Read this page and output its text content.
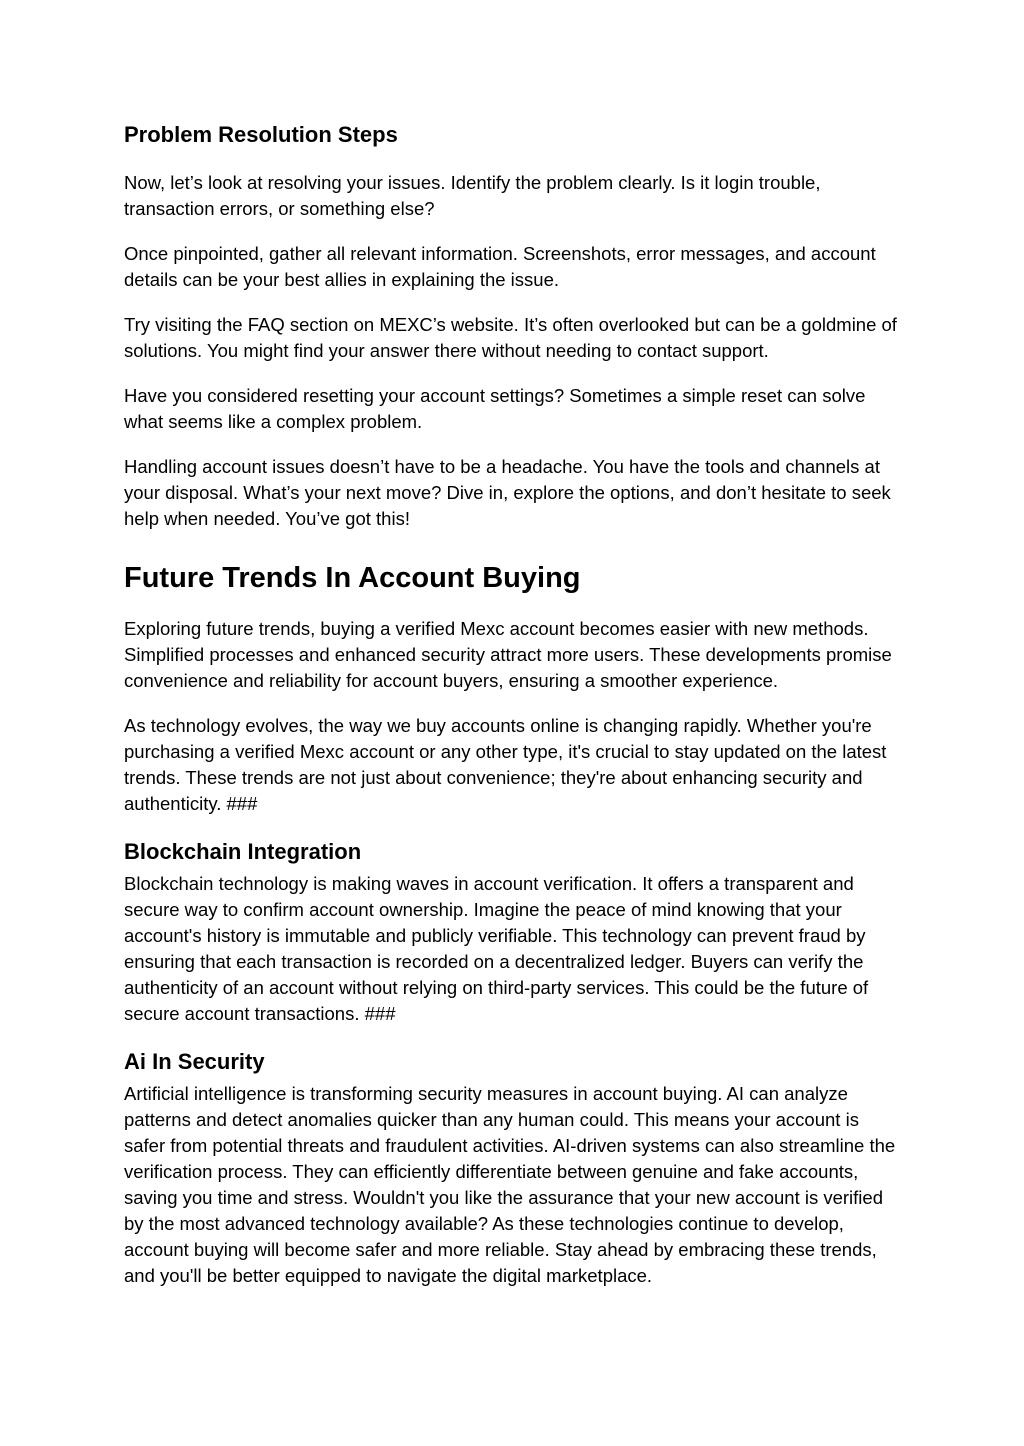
Problem Resolution Steps

Now, let’s look at resolving your issues. Identify the problem clearly. Is it login trouble, transaction errors, or something else?

Once pinpointed, gather all relevant information. Screenshots, error messages, and account details can be your best allies in explaining the issue.

Try visiting the FAQ section on MEXC’s website. It’s often overlooked but can be a goldmine of solutions. You might find your answer there without needing to contact support.

Have you considered resetting your account settings? Sometimes a simple reset can solve what seems like a complex problem.

Handling account issues doesn’t have to be a headache. You have the tools and channels at your disposal. What’s your next move? Dive in, explore the options, and don’t hesitate to seek help when needed. You’ve got this!

Future Trends In Account Buying

Exploring future trends, buying a verified Mexc account becomes easier with new methods. Simplified processes and enhanced security attract more users. These developments promise convenience and reliability for account buyers, ensuring a smoother experience.

As technology evolves, the way we buy accounts online is changing rapidly. Whether you're purchasing a verified Mexc account or any other type, it's crucial to stay updated on the latest trends. These trends are not just about convenience; they're about enhancing security and authenticity. ###

Blockchain Integration

Blockchain technology is making waves in account verification. It offers a transparent and secure way to confirm account ownership. Imagine the peace of mind knowing that your account's history is immutable and publicly verifiable. This technology can prevent fraud by ensuring that each transaction is recorded on a decentralized ledger. Buyers can verify the authenticity of an account without relying on third-party services. This could be the future of secure account transactions. ###

Ai In Security

Artificial intelligence is transforming security measures in account buying. AI can analyze patterns and detect anomalies quicker than any human could. This means your account is safer from potential threats and fraudulent activities. AI-driven systems can also streamline the verification process. They can efficiently differentiate between genuine and fake accounts, saving you time and stress. Wouldn't you like the assurance that your new account is verified by the most advanced technology available? As these technologies continue to develop, account buying will become safer and more reliable. Stay ahead by embracing these trends, and you'll be better equipped to navigate the digital marketplace.
